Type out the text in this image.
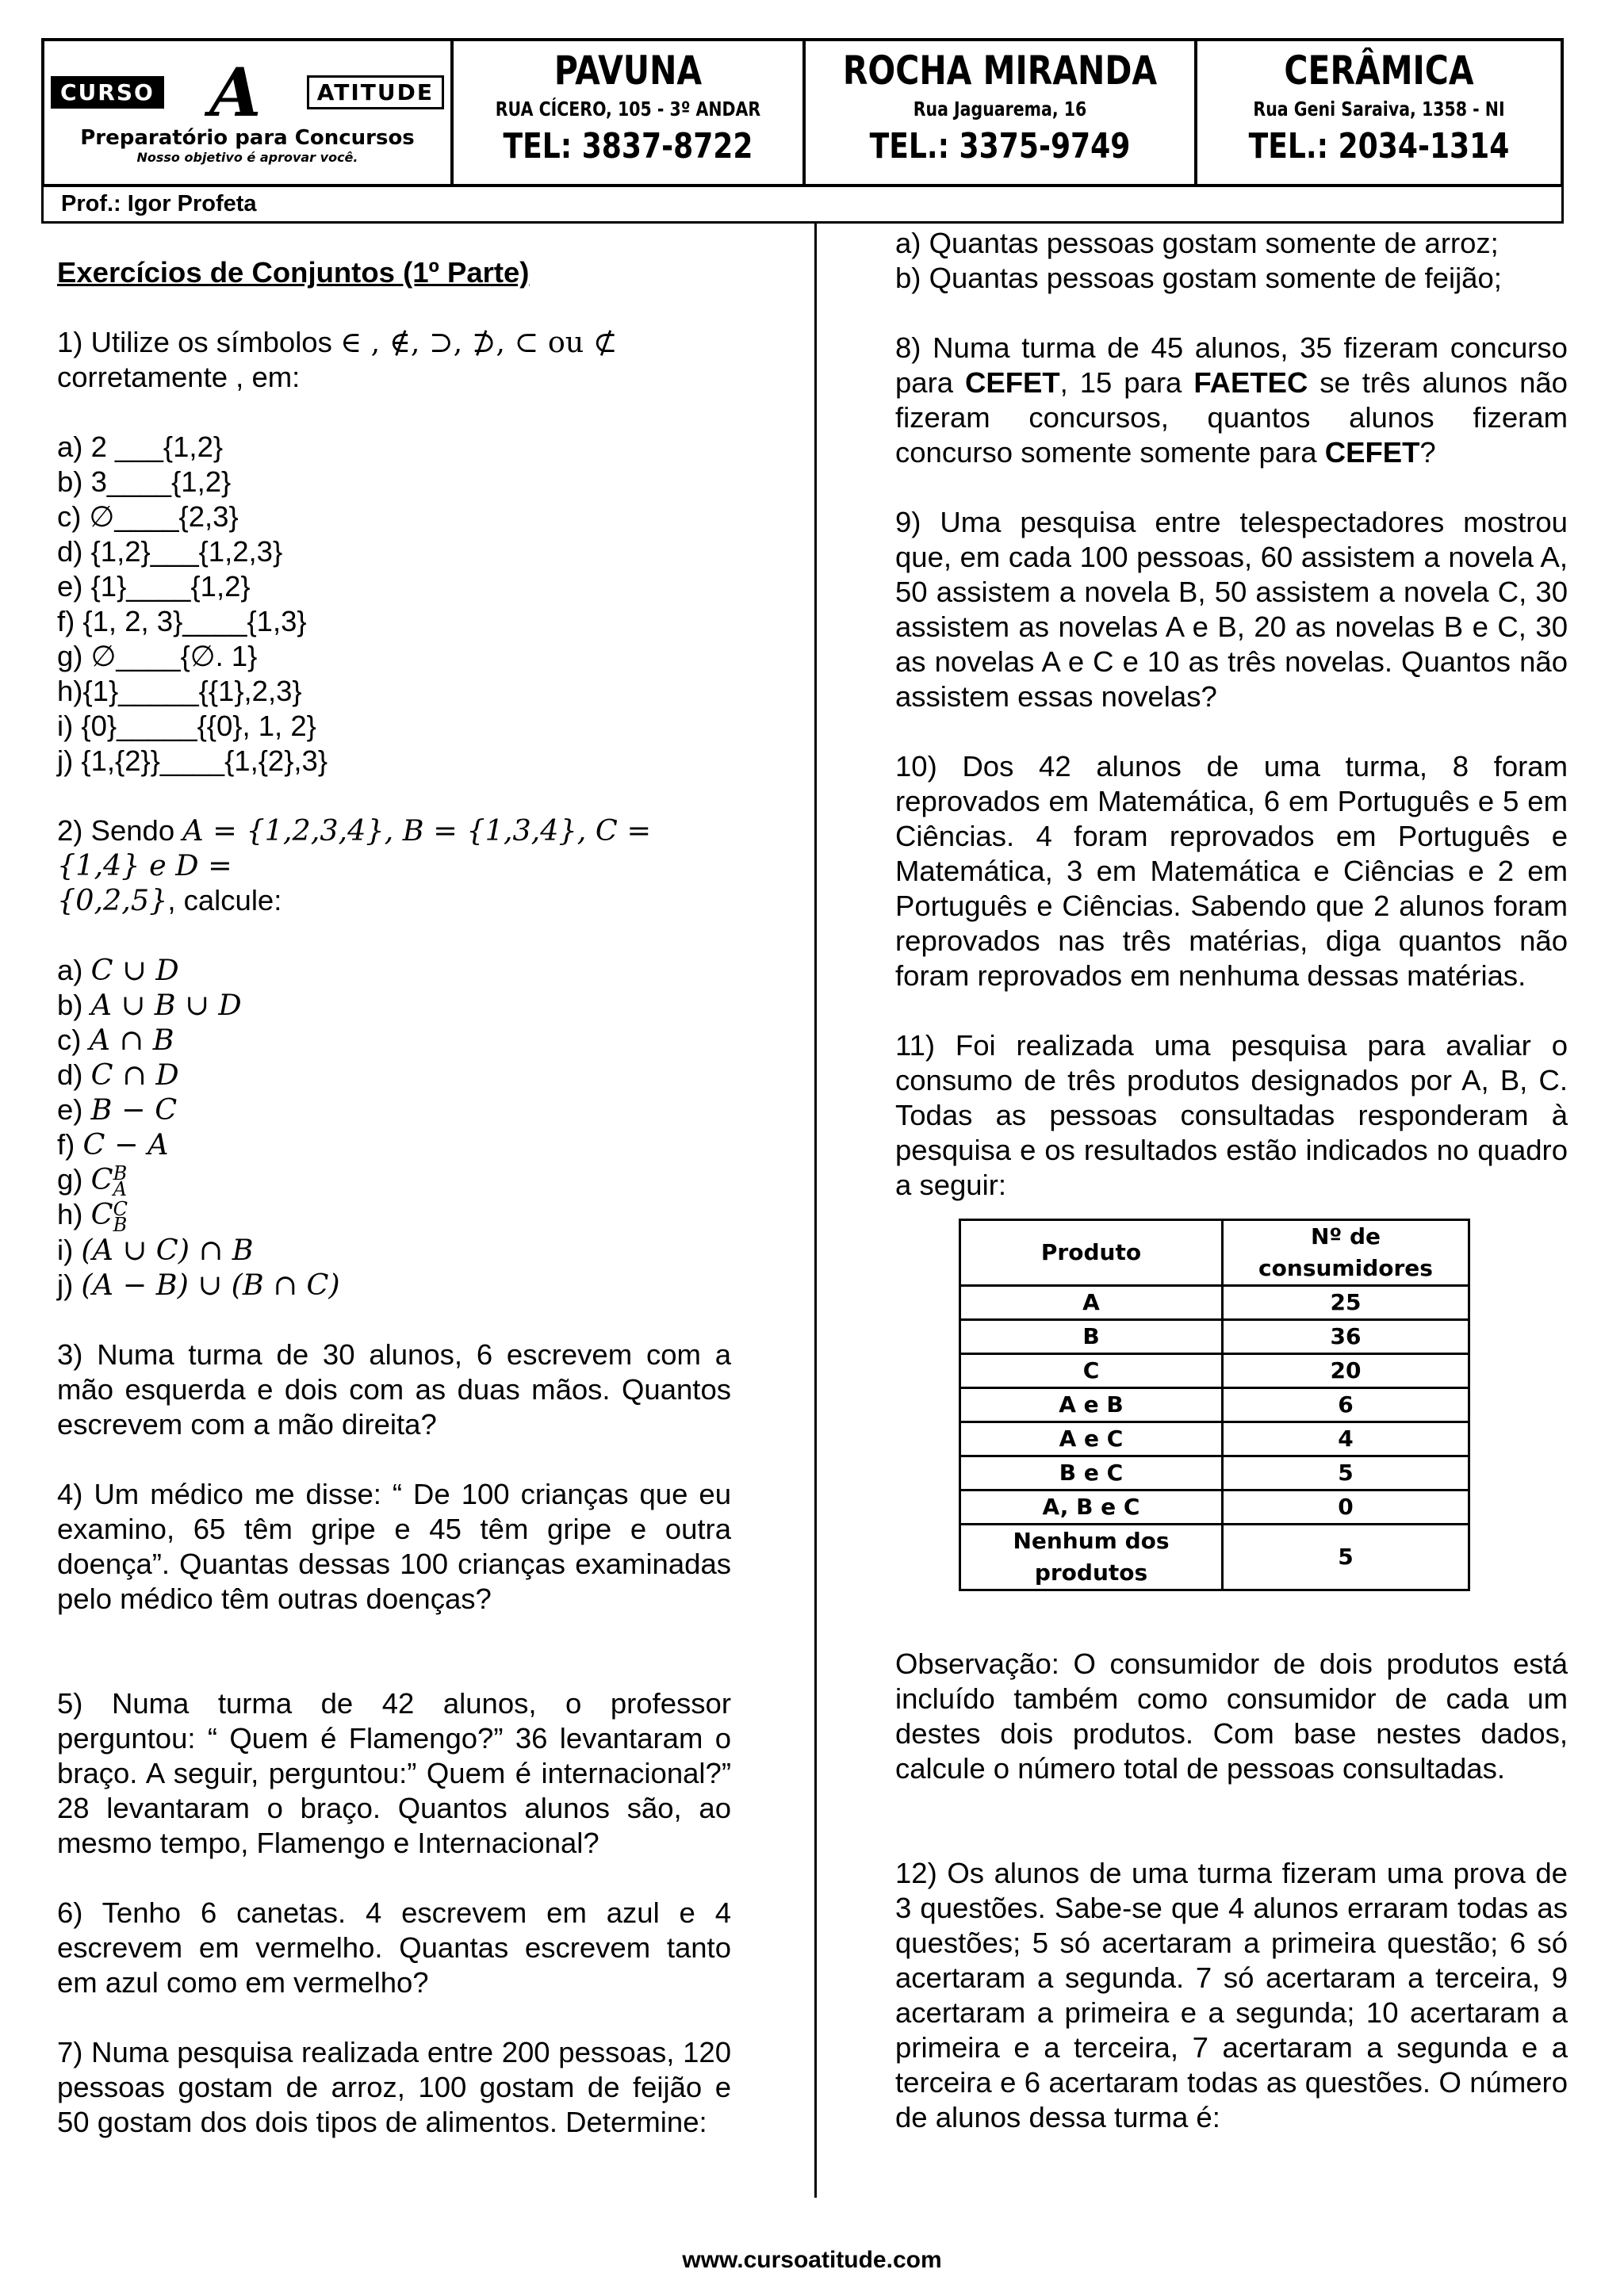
CURSO A	ATITUDE
Preparatório para Concursos
Nosso objetivo é aprovar você.
PAVUNA
RUA CÍCERO, 105 - 3º ANDAR
TEL: 3837-8722
ROCHA MIRANDA
Rua Jaguarema, 16
TEL.: 3375-9749
CERÂMICA
Rua Geni Saraiva, 1358 - NI
TEL.: 2034-1314
Prof.: Igor Profeta

Exercícios de Conjuntos (1º Parte)

1) Utilize os símbolos ∈ , ∉, ⊃, ⊅, ⊂ ou ⊄

corretamente , em:

a) 2 ___{1,2}

b) 3____{1,2}

c) ∅____{2,3}

d) {1,2}___{1,2,3}

e) {1}____{1,2}

f) {1, 2, 3}____{1,3}

g) ∅____{∅. 1}

h){1}_____{{1},2,3}

i) {0}_____{{0}, 1, 2}

j) {1,{2}}____{1,{2},3}

2) Sendo A = {1,2,3,4}, B = {1,3,4}, C = {1,4} e D =

{0,2,5}, calcule:

a) C ∪ D

b) A ∪ B ∪ D

c) A ∩ B

d) C ∩ D

e) B − C

f) C − A

g) C B
A

h) C C
B

i) (A ∪ C) ∩ B

j) (A − B) ∪ (B ∩ C)

3) Numa turma de 30 alunos, 6 escrevem com a mão esquerda e dois com as duas mãos. Quantos escrevem com a mão direita?

4) Um médico me disse: “ De 100 crianças que eu examino, 65 têm gripe e 45 têm gripe e outra doença”. Quantas dessas 100 crianças examinadas pelo médico têm outras doenças?

5) Numa turma de 42 alunos, o professor perguntou: “ Quem é Flamengo?” 36 levantaram o braço. A seguir, perguntou:” Quem é internacional?” 28 levantaram o braço. Quantos alunos são, ao mesmo tempo, Flamengo e Internacional?

6) Tenho 6 canetas. 4 escrevem em azul e 4 escrevem em vermelho. Quantas escrevem tanto em azul como em vermelho?

7) Numa pesquisa realizada entre 200 pessoas, 120 pessoas gostam de arroz, 100 gostam de feijão e 50 gostam dos dois tipos de alimentos. Determine:

a) Quantas pessoas gostam somente de arroz;

b) Quantas pessoas gostam somente de feijão;

8) Numa turma de 45 alunos, 35 fizeram concurso para CEFET, 15 para FAETEC se três alunos não fizeram concursos, quantos alunos fizeram concurso somente somente para CEFET?

9) Uma pesquisa entre telespectadores mostrou que, em cada 100 pessoas, 60 assistem a novela A, 50 assistem a novela B, 50 assistem a novela C, 30 assistem as novelas A e B, 20 as novelas B e C, 30 as novelas A e C e 10 as três novelas. Quantos não assistem essas novelas?

10) Dos 42 alunos de uma turma, 8 foram reprovados em Matemática, 6 em Português e 5 em Ciências. 4 foram reprovados em Português e Matemática, 3 em Matemática e Ciências e 2 em Português e Ciências. Sabendo que 2 alunos foram reprovados nas três matérias, diga quantos não foram reprovados em nenhuma dessas matérias.

11) Foi realizada uma pesquisa para avaliar o consumo de três produtos designados por A, B, C. Todas as pessoas consultadas responderam à pesquisa e os resultados estão indicados no quadro a seguir:

Produto	Nº de consumidores
A	25
B	36
C	20
A e B	6
A e C	4
B e C	5
A, B e C	0
Nenhum dos produtos	5

Observação: O consumidor de dois produtos está incluído também como consumidor de cada um destes dois produtos. Com base nestes dados, calcule o número total de pessoas consultadas.

12) Os alunos de uma turma fizeram uma prova de 3 questões. Sabe-se que 4 alunos erraram todas as questões; 5 só acertaram a primeira questão; 6 só acertaram a segunda. 7 só acertaram a terceira, 9 acertaram a primeira e a segunda; 10 acertaram a primeira e a terceira, 7 acertaram a segunda e a terceira e 6 acertaram todas as questões. O número de alunos dessa turma é:

www.cursoatitude.com
